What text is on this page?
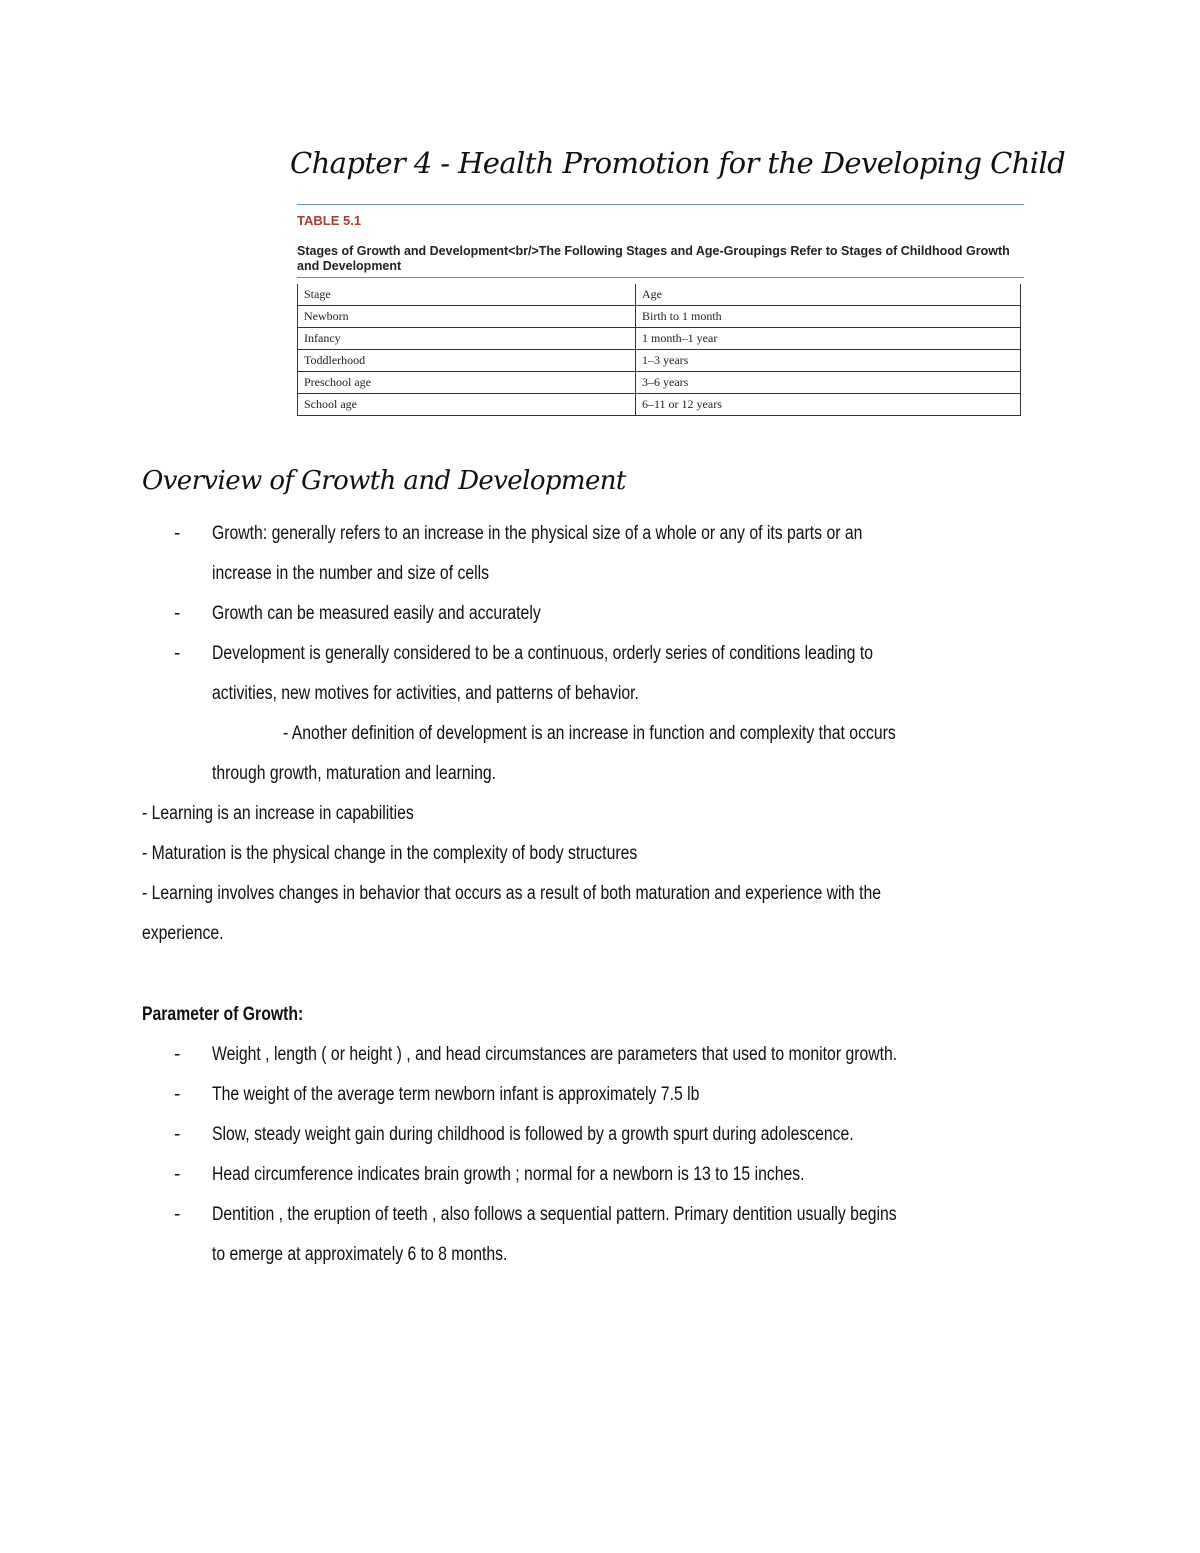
Chapter 4 - Health Promotion for the Developing Child
TABLE 5.1
Stages of Growth and Development<br/>The Following Stages and Age-Groupings Refer to Stages of Childhood Growth and Development
Stage	Age
Newborn	Birth to 1 month
Infancy	1 month–1 year
Toddlerhood	1–3 years
Preschool age	3–6 years
School age	6–11 or 12 years
Overview of Growth and Development
- Growth: generally refers to an increase in the physical size of a whole or any of its parts or an
increase in the number and size of cells
- Growth can be measured easily and accurately
- Development is generally considered to be a continuous, orderly series of conditions leading to
activities, new motives for activities, and patterns of behavior.
- Another definition of development is an increase in function and complexity that occurs
through growth, maturation and learning.
- Learning is an increase in capabilities
- Maturation is the physical change in the complexity of body structures
- Learning involves changes in behavior that occurs as a result of both maturation and experience with the
experience.
Parameter of Growth:
- Weight , length ( or height ) , and head circumstances are parameters that used to monitor growth.
- The weight of the average term newborn infant is approximately 7.5 lb
- Slow, steady weight gain during childhood is followed by a growth spurt during adolescence.
- Head circumference indicates brain growth ; normal for a newborn is 13 to 15 inches.
- Dentition , the eruption of teeth , also follows a sequential pattern. Primary dentition usually begins
to emerge at approximately 6 to 8 months.
